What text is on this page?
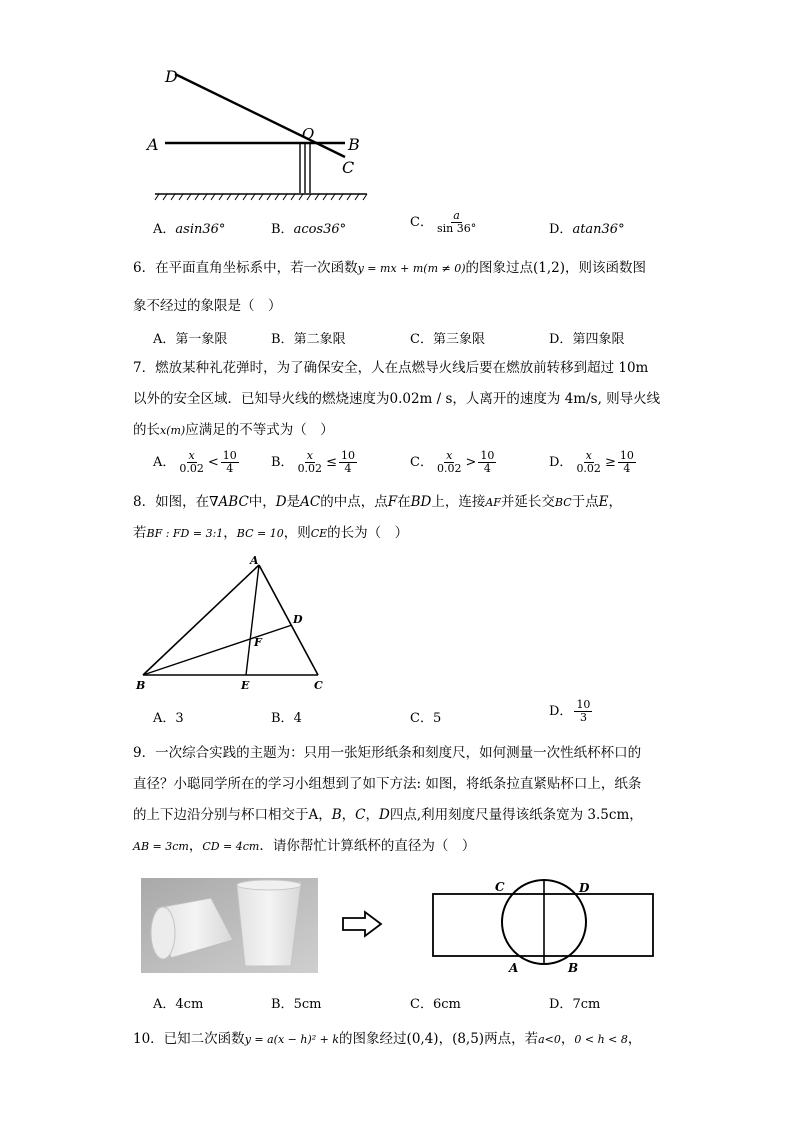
D
A
O
B
C
A．asin36°	B．acos36°	C． $\frac{a}{\sin 36^\circ}$	D．atan36°
6．在平面直角坐标系中，若一次函数y = mx + m(m ≠ 0)的图象过点(1,2)，则该函数图
象不经过的象限是（　）
A．第一象限	B．第二象限	C．第三象限	D．第四象限
7．燃放某种礼花弹时，为了确保安全，人在点燃导火线后要在燃放前转移到超过 10m
以外的安全区域．已知导火线的燃烧速度为0.02m / s，人离开的速度为 4m/s, 则导火线
的长x(m)应满足的不等式为（　）
A． $\frac{x}{0.02} < \frac{10}{4}$ B． $\frac{x}{0.02} \le \frac{10}{4}$	C． $\frac{x}{0.02} > \frac{10}{4}$	D． $\frac{x}{0.02} \ge \frac{10}{4}$
8．如图，在∇ABC中，D是AC的中点，点F在BD上，连接AF并延长交BC于点E，
若BF : FD = 3:1，BC = 10，则CE的长为（　）
A
D
F
B	E	C
A．3	B．4	C．5	D． $\frac{10}{3}$
9．一次综合实践的主题为：只用一张矩形纸条和刻度尺，如何测量一次性纸杯杯口的
直径？小聪同学所在的学习小组想到了如下方法: 如图，将纸条拉直紧贴杯口上，纸条
的上下边沿分别与杯口相交于A，B，C，D四点,利用刻度尺量得该纸条宽为 3.5cm，
AB = 3cm，CD = 4cm．请你帮忙计算纸杯的直径为（　）
C	D
A	B
A．4cm	B．5cm	C．6cm	D．7cm
10．已知二次函数y = a(x − h)² + k的图象经过(0,4)，(8,5)两点，若a<0，0 < h < 8，
